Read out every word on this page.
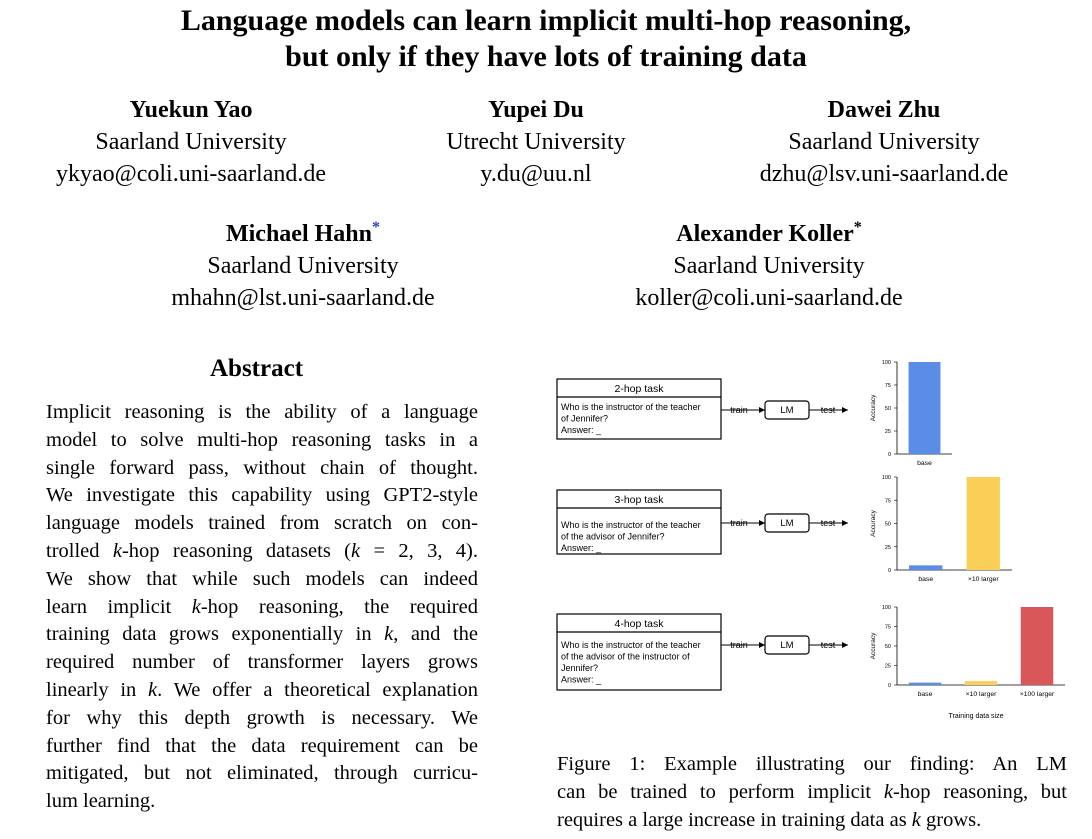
Language models can learn implicit multi-hop reasoning,
but only if they have lots of training data
Yuekun Yao
Saarland University
ykyao@coli.uni-saarland.de
Yupei Du
Utrecht University
y.du@uu.nl
Dawei Zhu
Saarland University
dzhu@lsv.uni-saarland.de
Michael Hahn*
Saarland University
mhahn@lst.uni-saarland.de
Alexander Koller*
Saarland University
koller@coli.uni-saarland.de
Abstract
Implicit reasoning is the ability of a language
model to solve multi-hop reasoning tasks in a
single forward pass, without chain of thought.
We investigate this capability using GPT2-style
language models trained from scratch on con-
trolled k-hop reasoning datasets (k = 2, 3, 4).
We show that while such models can indeed
learn implicit k-hop reasoning, the required
training data grows exponentially in k, and the
required number of transformer layers grows
linearly in k. We offer a theoretical explanation
for why this depth growth is necessary. We
further find that the data requirement can be
mitigated, but not eliminated, through curricu-
lum learning.
2-hop task
Who is the instructor of the teacher
of Jennifer?
Answer: _
train	LM	test
3-hop task
Who is the instructor of the teacher
of the advisor of Jennifer?
Answer: _
train	LM	test
4-hop task
Who is the instructor of the teacher
of the advisor of the instructor of
Jennifer?
Answer: _
train	LM	test
0
25
50
75
100
Accuracy
base
0
25
50
75
100
Accuracy
base	×10 larger
0
25
50
75
100
Accuracy
base	×10 larger	×100 larger
Training data size
Figure 1: Example illustrating our finding: An LM
can be trained to perform implicit k-hop reasoning, but
requires a large increase in training data as k grows.
